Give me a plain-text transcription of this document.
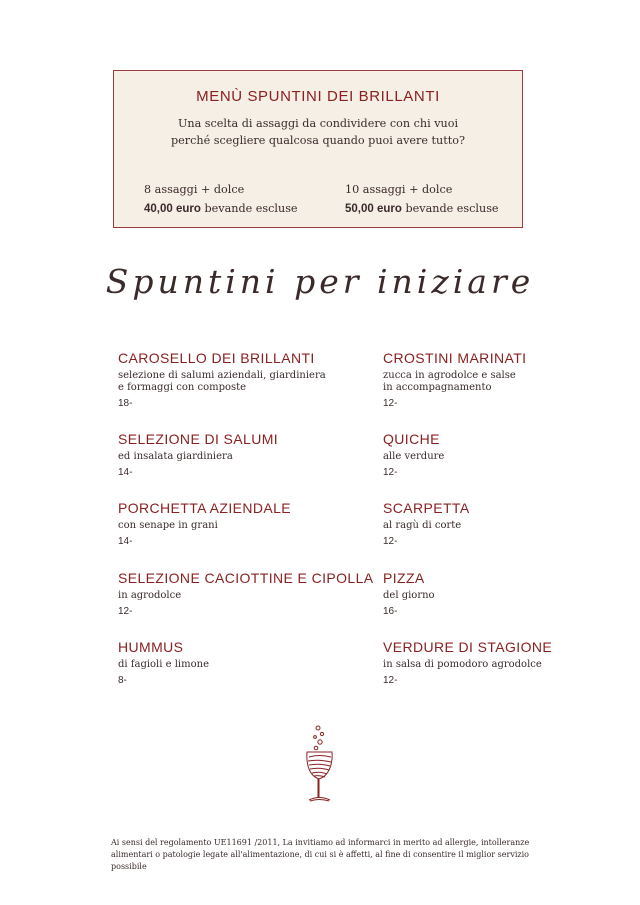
MENÙ SPUNTINI DEI BRILLANTI
Una scelta di assaggi da condividere con chi vuoi
perché scegliere qualcosa quando puoi avere tutto?
8 assaggi + dolce
40,00 euro bevande escluse
10 assaggi + dolce
50,00 euro bevande escluse
Spuntini per iniziare
CAROSELLO DEI BRILLANTI
selezione di salumi aziendali, giardiniera
e formaggi con composte
18-
SELEZIONE DI SALUMI
ed insalata giardiniera
14-
PORCHETTA AZIENDALE
con senape in grani
14-
SELEZIONE CACIOTTINE E CIPOLLA
in agrodolce
12-
HUMMUS
di fagioli e limone
8-
CROSTINI MARINATI
zucca in agrodolce e salse
in accompagnamento
12-
QUICHE
alle verdure
12-
SCARPETTA
al ragù di corte
12-
PIZZA
del giorno
16-
VERDURE DI STAGIONE
in salsa di pomodoro agrodolce
12-
Ai sensi del regolamento UE11691 /2011, La invitiamo ad informarci in merito ad allergie, intolleranze
alimentari o patologie legate all'alimentazione, di cui si è affetti, al fine di consentire il miglior servizio possibile
